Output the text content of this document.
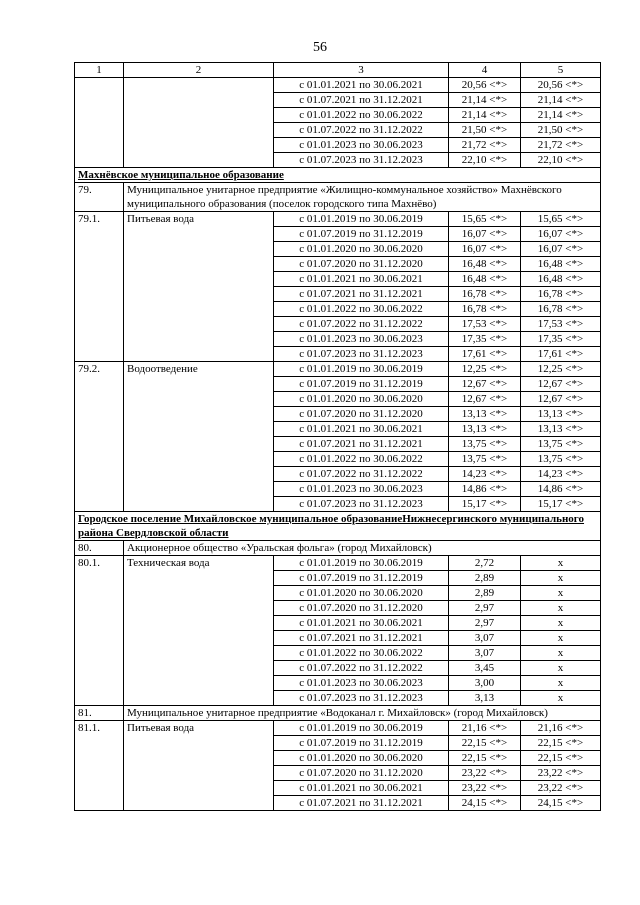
56
1	2	3	4	5
		с 01.01.2021 по 30.06.2021	20,56 <*>	20,56 <*>
		с 01.07.2021 по 31.12.2021	21,14 <*>	21,14 <*>
		с 01.01.2022 по 30.06.2022	21,14 <*>	21,14 <*>
		с 01.07.2022 по 31.12.2022	21,50 <*>	21,50 <*>
		с 01.01.2023 по 30.06.2023	21,72 <*>	21,72 <*>
		с 01.07.2023 по 31.12.2023	22,10 <*>	22,10 <*>
Махнёвское муниципальное образование				
79.	Муниципальное унитарное предприятие «Жилищно-коммунальное хозяйство» Махнёвского муниципального образования (поселок городского типа Махнёво)			
79.1.	Питьевая вода	с 01.01.2019 по 30.06.2019	15,65 <*>	15,65 <*>
		с 01.07.2019 по 31.12.2019	16,07 <*>	16,07 <*>
		с 01.01.2020 по 30.06.2020	16,07 <*>	16,07 <*>
		с 01.07.2020 по 31.12.2020	16,48 <*>	16,48 <*>
		с 01.01.2021 по 30.06.2021	16,48 <*>	16,48 <*>
		с 01.07.2021 по 31.12.2021	16,78 <*>	16,78 <*>
		с 01.01.2022 по 30.06.2022	16,78 <*>	16,78 <*>
		с 01.07.2022 по 31.12.2022	17,53 <*>	17,53 <*>
		с 01.01.2023 по 30.06.2023	17,35 <*>	17,35 <*>
		с 01.07.2023 по 31.12.2023	17,61 <*>	17,61 <*>
79.2.	Водоотведение	с 01.01.2019 по 30.06.2019	12,25 <*>	12,25 <*>
		с 01.07.2019 по 31.12.2019	12,67 <*>	12,67 <*>
		с 01.01.2020 по 30.06.2020	12,67 <*>	12,67 <*>
		с 01.07.2020 по 31.12.2020	13,13 <*>	13,13 <*>
		с 01.01.2021 по 30.06.2021	13,13 <*>	13,13 <*>
		с 01.07.2021 по 31.12.2021	13,75 <*>	13,75 <*>
		с 01.01.2022 по 30.06.2022	13,75 <*>	13,75 <*>
		с 01.07.2022 по 31.12.2022	14,23 <*>	14,23 <*>
		с 01.01.2023 по 30.06.2023	14,86 <*>	14,86 <*>
		с 01.07.2023 по 31.12.2023	15,17 <*>	15,17 <*>
Городское поселение Михайловское муниципальное образованиеНижнесергинского муниципального района Свердловской области				
80.	Акционерное общество «Уральская фольга» (город Михайловск)			
80.1.	Техническая вода	с 01.01.2019 по 30.06.2019	2,72	x
		с 01.07.2019 по 31.12.2019	2,89	x
		с 01.01.2020 по 30.06.2020	2,89	x
		с 01.07.2020 по 31.12.2020	2,97	x
		с 01.01.2021 по 30.06.2021	2,97	x
		с 01.07.2021 по 31.12.2021	3,07	x
		с 01.01.2022 по 30.06.2022	3,07	x
		с 01.07.2022 по 31.12.2022	3,45	x
		с 01.01.2023 по 30.06.2023	3,00	x
		с 01.07.2023 по 31.12.2023	3,13	x
81.	Муниципальное унитарное предприятие «Водоканал г. Михайловск» (город Михайловск)			
81.1.	Питьевая вода	с 01.01.2019 по 30.06.2019	21,16 <*>	21,16 <*>
		с 01.07.2019 по 31.12.2019	22,15 <*>	22,15 <*>
		с 01.01.2020 по 30.06.2020	22,15 <*>	22,15 <*>
		с 01.07.2020 по 31.12.2020	23,22 <*>	23,22 <*>
		с 01.01.2021 по 30.06.2021	23,22 <*>	23,22 <*>
		с 01.07.2021 по 31.12.2021	24,15 <*>	24,15 <*>
